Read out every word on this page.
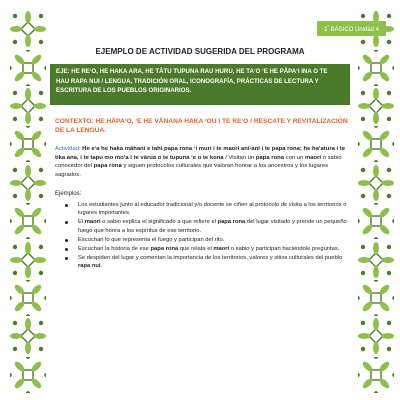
$1^º$ BÁSICO Unidad 4
EJEMPLO DE ACTIVIDAD SUGERIDA DEL PROGRAMA
EJE: HE REʻO, HE HAKA ARA, HE TĀTU TUPUNA RAU HURU, HE TAʻO ʻE HE PĀPAʻI INA O TE
HAU RAPA NUI / LENGUA, TRADICIÓN ORAL, ICONOGRAFÍA, PRÁCTICAS DE LECTURA Y
ESCRITURA DE LOS PUEBLOS ORIGINARIOS.
CONTEXTO: HE HĀPAʻO, ʻE HE VĀNANA HAKA ʻOU I TE REʻO / RESCATE Y REVITALIZACIÓN
DE LA LENGUA.
Actividad: He eʻa he haka māhani e tahi papa rona ʻi muri i te maori anī-anī i te papa rona; he haʻatura i te tika ana, i te tapu mo moʻa i te vārua o te tupuna ʻe o te kona / Visitan un papa rona con un maori o sabio conocedor del papa rona y siguen protocolos culturales que valoran honrar a los ancestros y los lugares sagrados.
Ejemplos:
Los estudiantes junto al educador tradicional y/o docente se ciñen al protocolo de visita a los territorios o lugares importantes.
El maori o sabio explica el significado a que refiere el papa rona del lugar visitado y prende un pequeño fuego que honra a los espíritus de ese territorio.
Escuchan lo que representa el fuego y participan del rito.
Escuchan la historia de ese papa rona que relata el maori o sabio y participan haciéndole preguntas.
Se despiden del lugar y comentan la importancia de los territorios, valores y sitios culturales del pueblo rapa nui.
